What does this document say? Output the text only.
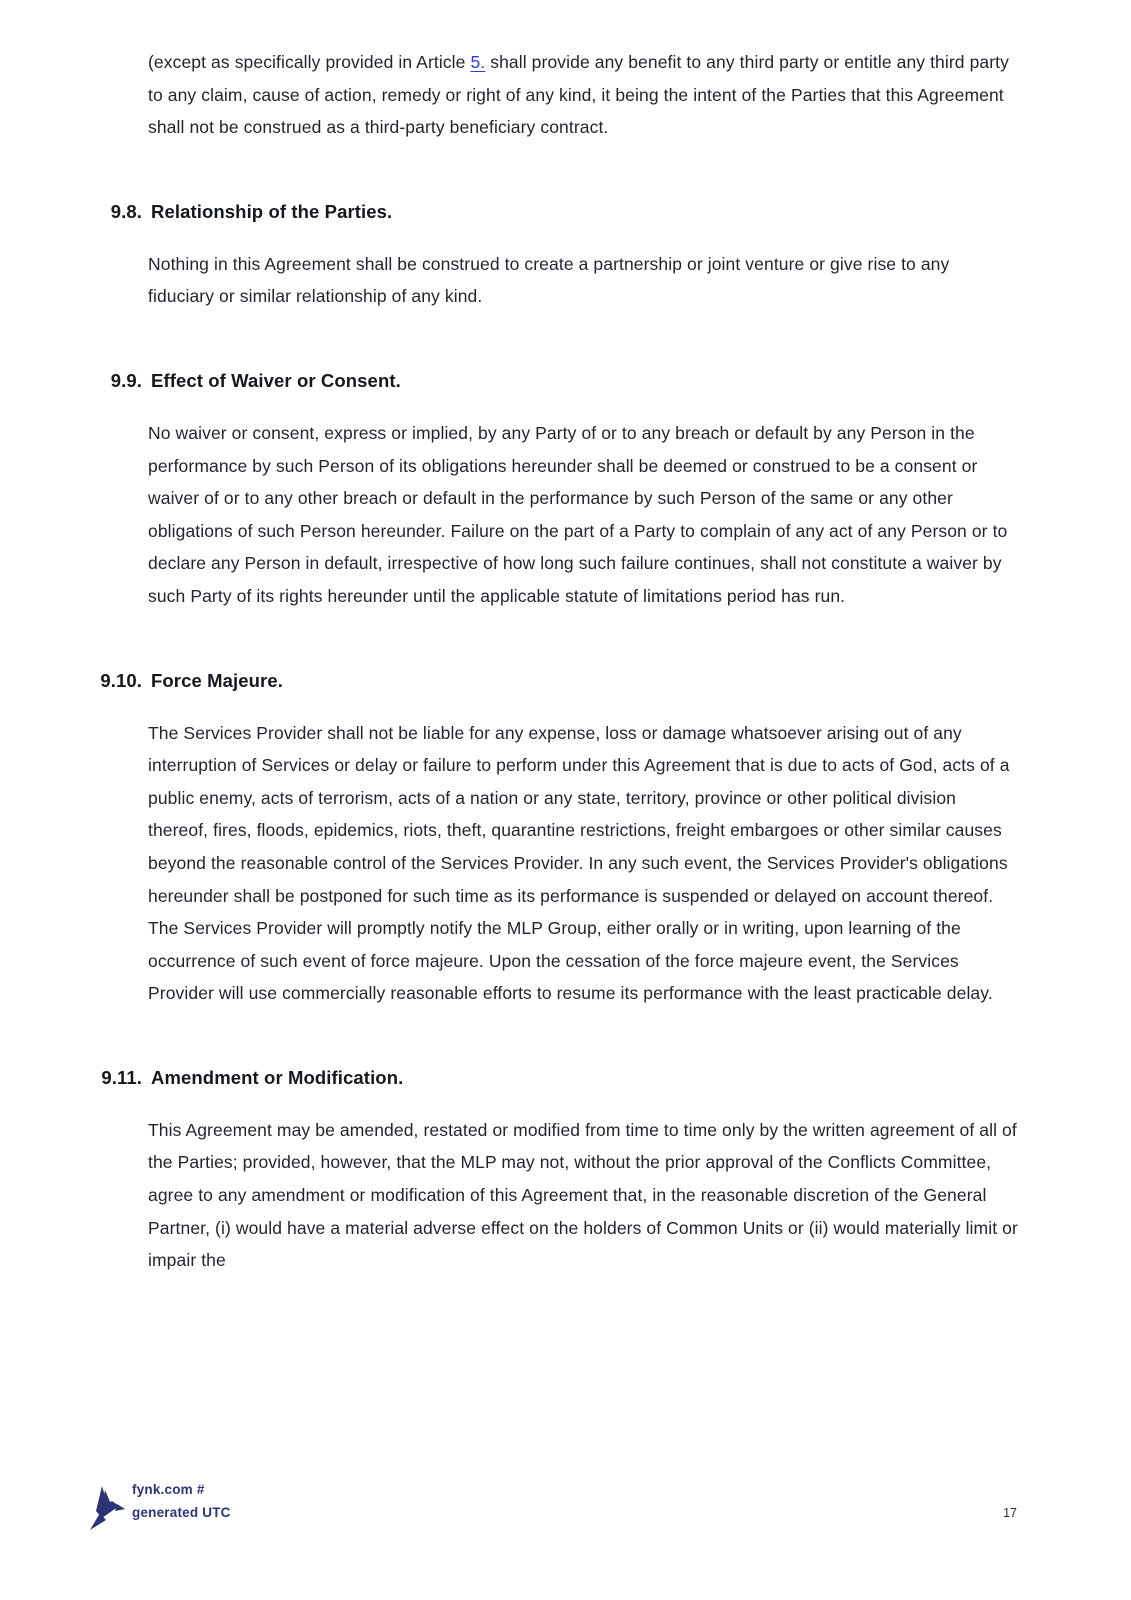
(except as specifically provided in Article 5. shall provide any benefit to any third party or entitle any third party to any claim, cause of action, remedy or right of any kind, it being the intent of the Parties that this Agreement shall not be construed as a third-party beneficiary contract.

9.8. Relationship of the Parties.

Nothing in this Agreement shall be construed to create a partnership or joint venture or give rise to any fiduciary or similar relationship of any kind.

9.9. Effect of Waiver or Consent.

No waiver or consent, express or implied, by any Party of or to any breach or default by any Person in the performance by such Person of its obligations hereunder shall be deemed or construed to be a consent or waiver of or to any other breach or default in the performance by such Person of the same or any other obligations of such Person hereunder. Failure on the part of a Party to complain of any act of any Person or to declare any Person in default, irrespective of how long such failure continues, shall not constitute a waiver by such Party of its rights hereunder until the applicable statute of limitations period has run.

9.10. Force Majeure.

The Services Provider shall not be liable for any expense, loss or damage whatsoever arising out of any interruption of Services or delay or failure to perform under this Agreement that is due to acts of God, acts of a public enemy, acts of terrorism, acts of a nation or any state, territory, province or other political division thereof, fires, floods, epidemics, riots, theft, quarantine restrictions, freight embargoes or other similar causes beyond the reasonable control of the Services Provider. In any such event, the Services Provider's obligations hereunder shall be postponed for such time as its performance is suspended or delayed on account thereof. The Services Provider will promptly notify the MLP Group, either orally or in writing, upon learning of the occurrence of such event of force majeure. Upon the cessation of the force majeure event, the Services Provider will use commercially reasonable efforts to resume its performance with the least practicable delay.

9.11. Amendment or Modification.

This Agreement may be amended, restated or modified from time to time only by the written agreement of all of the Parties; provided, however, that the MLP may not, without the prior approval of the Conflicts Committee, agree to any amendment or modification of this Agreement that, in the reasonable discretion of the General Partner, (i) would have a material adverse effect on the holders of Common Units or (ii) would materially limit or impair the

fynk.com #
generated UTC	17
